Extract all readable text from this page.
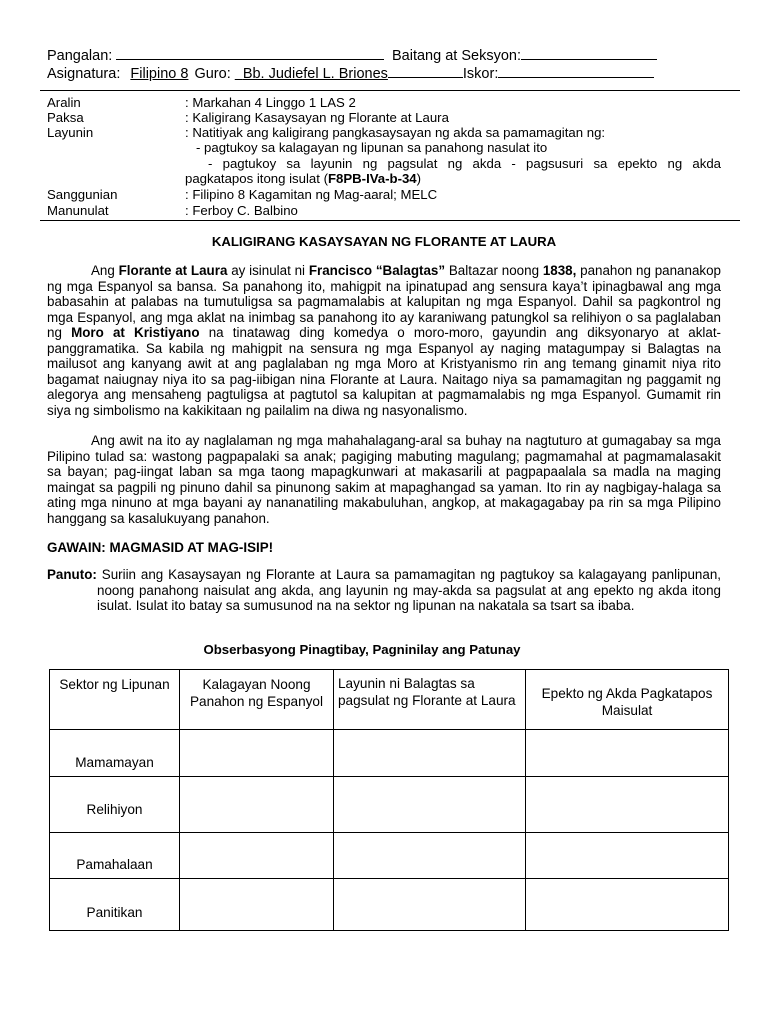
Pangalan:	Baitang at Seksyon:
Asignatura: Filipino 8 Guro: Bb. Judiefel L. Briones	Iskor:
Aralin	: Markahan 4 Linggo 1 LAS 2
Paksa	: Kaligirang Kasaysayan ng Florante at Laura
Layunin	: Natitiyak ang kaligirang pangkasaysayan ng akda sa pamamagitan ng:
- pagtukoy sa kalagayan ng lipunan sa panahong nasulat ito
- pagtukoy sa layunin ng pagsulat ng akda - pagsusuri sa epekto ng akda
pagkatapos itong isulat (F8PB-IVa-b-34)
Sanggunian	: Filipino 8 Kagamitan ng Mag-aaral; MELC
Manunulat	: Ferboy C. Balbino
KALIGIRANG KASAYSAYAN NG FLORANTE AT LAURA
Ang Florante at Laura ay isinulat ni Francisco “Balagtas” Baltazar noong 1838, panahon ng pananakop ng mga Espanyol sa bansa. Sa panahong ito, mahigpit na ipinatupad ang sensura kaya’t ipinagbawal ang mga babasahin at palabas na tumutuligsa sa pagmamalabis at kalupitan ng mga Espanyol. Dahil sa pagkontrol ng mga Espanyol, ang mga aklat na inimbag sa panahong ito ay karaniwang patungkol sa relihiyon o sa paglalaban ng Moro at Kristiyano na tinatawag ding komedya o moro-moro, gayundin ang diksyonaryo at aklat-panggramatika. Sa kabila ng mahigpit na sensura ng mga Espanyol ay naging matagumpay si Balagtas na mailusot ang kanyang awit at ang paglalaban ng mga Moro at Kristyanismo rin ang temang ginamit niya rito bagamat naiugnay niya ito sa pag-iibigan nina Florante at Laura. Naitago niya sa pamamagitan ng paggamit ng alegorya ang mensaheng pagtuligsa at pagtutol sa kalupitan at pagmamalabis ng mga Espanyol. Gumamit rin siya ng simbolismo na kakikitaan ng pailalim na diwa ng nasyonalismo.
Ang awit na ito ay naglalaman ng mga mahahalagang-aral sa buhay na nagtuturo at gumagabay sa mga Pilipino tulad sa: wastong pagpapalaki sa anak; pagiging mabuting magulang; pagmamahal at pagmamalasakit sa bayan; pag-iingat laban sa mga taong mapagkunwari at makasarili at pagpapaalala sa madla na maging maingat sa pagpili ng pinuno dahil sa pinunong sakim at mapaghangad sa yaman. Ito rin ay nagbigay-halaga sa ating mga ninuno at mga bayani ay nananatiling makabuluhan, angkop, at makagagabay pa rin sa mga Pilipino hanggang sa kasalukuyang panahon.
GAWAIN: MAGMASID AT MAG-ISIP!
Panuto: Suriin ang Kasaysayan ng Florante at Laura sa pamamagitan ng pagtukoy sa kalagayang panlipunan, noong panahong naisulat ang akda, ang layunin ng may-akda sa pagsulat at ang epekto ng akda itong isulat. Isulat ito batay sa sumusunod na na sektor ng lipunan na nakatala sa tsart sa ibaba.
Obserbasyong Pinagtibay, Pagninilay ang Patunay
Sektor ng Lipunan	Kalagayan Noong Panahon ng Espanyol	Layunin ni Balagtas sa pagsulat ng Florante at Laura	Epekto ng Akda Pagkatapos Maisulat
Mamamayan			
Relihiyon			
Pamahalaan			
Panitikan			
